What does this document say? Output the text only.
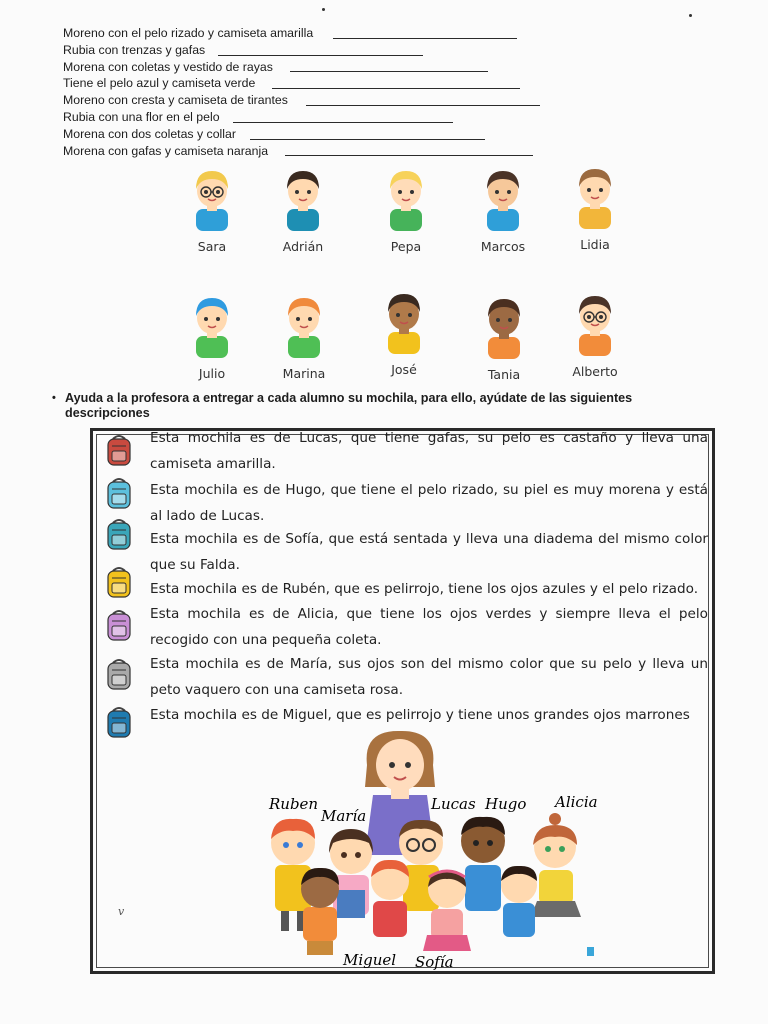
Moreno con el pelo rizado y camiseta amarilla
Rubia con trenzas y gafas
Morena con coletas y vestido de rayas
Tiene el pelo azul y camiseta verde
Moreno con cresta y camiseta de tirantes
Rubia con una flor en el pelo
Morena con dos coletas y collar
Morena con gafas y camiseta naranja
Sara	Adrián	Pepa	Marcos	Lidia
Julio	Marina	José	Tania	Alberto
• Ayuda a la profesora a entregar a cada alumno su mochila, para ello, ayúdate de las siguientes descripciones
Esta mochila es de Lucas, que tiene gafas, su pelo es castaño y lleva una camiseta amarilla.
Esta mochila es de Hugo, que tiene el pelo rizado, su piel es muy morena y está al lado de Lucas.
Esta mochila es de Sofía, que está sentada y lleva una diadema del mismo color que su Falda.
Esta mochila es de Rubén, que es pelirrojo, tiene los ojos azules y el pelo rizado.
Esta mochila es de Alicia, que tiene los ojos verdes y siempre lleva el pelo recogido con una pequeña coleta.
Esta mochila es de María, sus ojos son del mismo color que su pelo y lleva un peto vaquero con una camiseta rosa.
Esta mochila es de Miguel, que es pelirrojo y tiene unos grandes ojos marrones
Ruben
María
Lucas Hugo Alicia
Miguel Sofía
v
